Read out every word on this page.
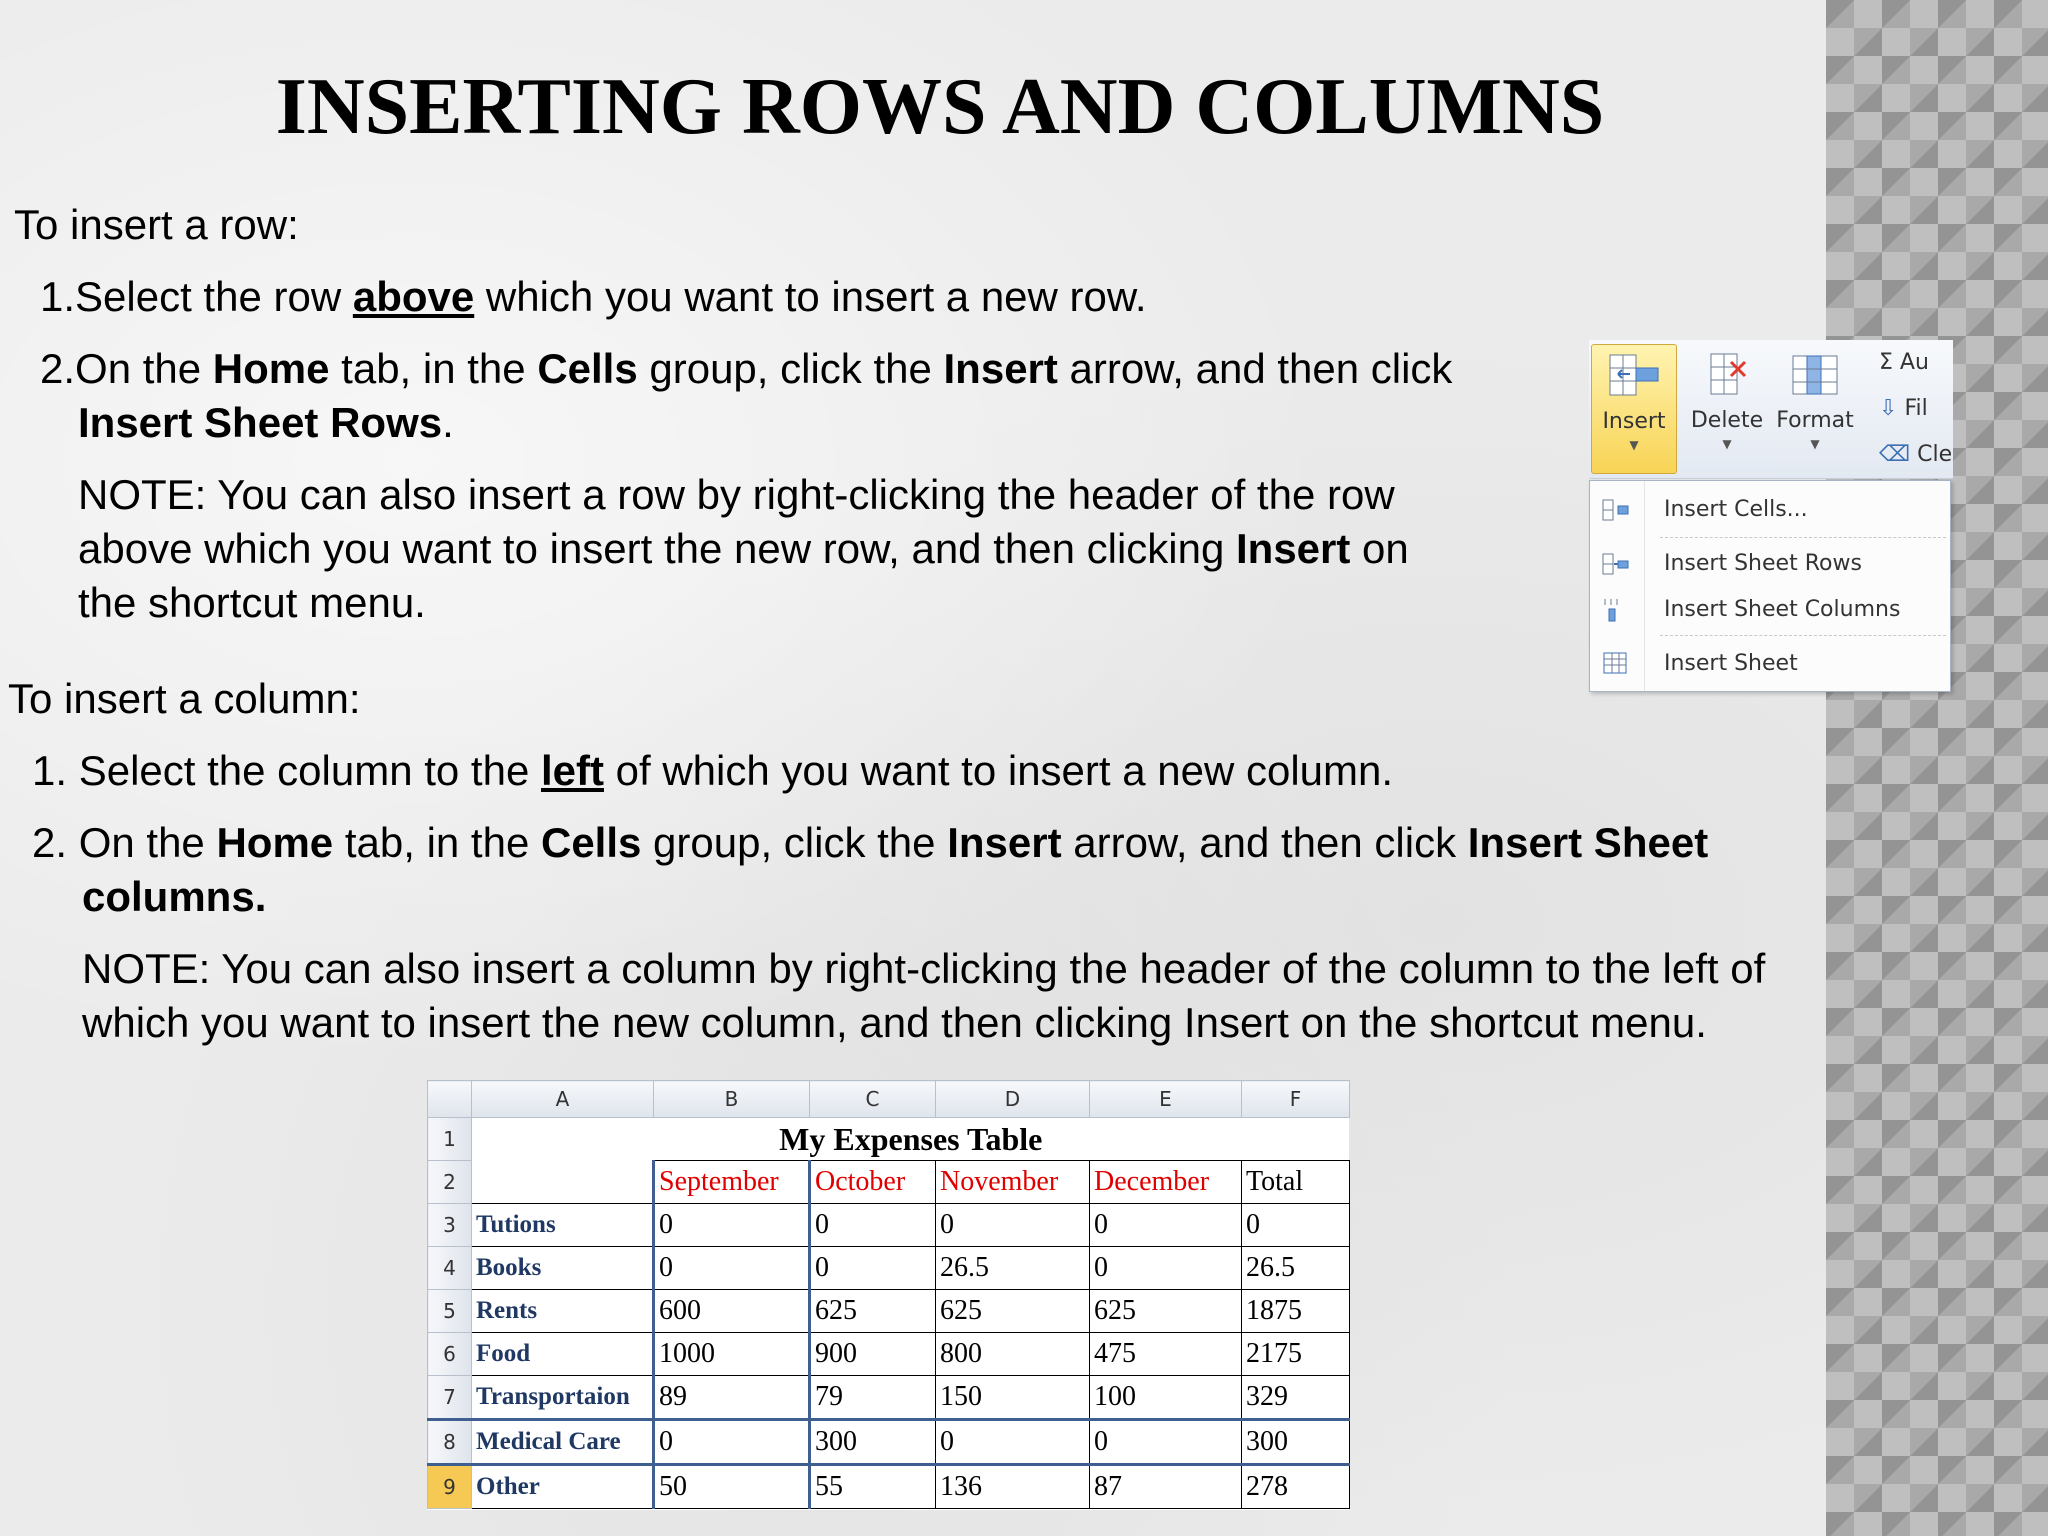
INSERTING ROWS AND COLUMNS

To insert a row:

1.Select the row above which you want to insert a new row.

2.On the Home tab, in the Cells group, click the Insert arrow, and then click

Insert Sheet Rows.

NOTE: You can also insert a row by right-clicking the header of the row
above which you want to insert the new row, and then clicking Insert on
the shortcut menu.

To insert a column:

1. Select the column to the left of which you want to insert a new column.

2. On the Home tab, in the Cells group, click the Insert arrow, and then click Insert Sheet

columns.

NOTE: You can also insert a column by right-clicking the header of the column to the left of
which you want to insert the new column, and then clicking Insert on the shortcut menu.
Insert
▼
Delete
▼
Format
▼
Σ Au
⇩ Fil
⌫ Cle
Insert Cells...
Insert Sheet Rows
Insert Sheet Columns
Insert Sheet
	A	B	C	D	E	F
1	My Expenses Table					
2		September	October	November	December	Total
3	Tutions	0	0	0	0	0
4	Books	0	0	26.5	0	26.5
5	Rents	600	625	625	625	1875
6	Food	1000	900	800	475	2175
7	Transportaion	89	79	150	100	329
8	Medical Care	0	300	0	0	300
9	Other	50	55	136	87	278
